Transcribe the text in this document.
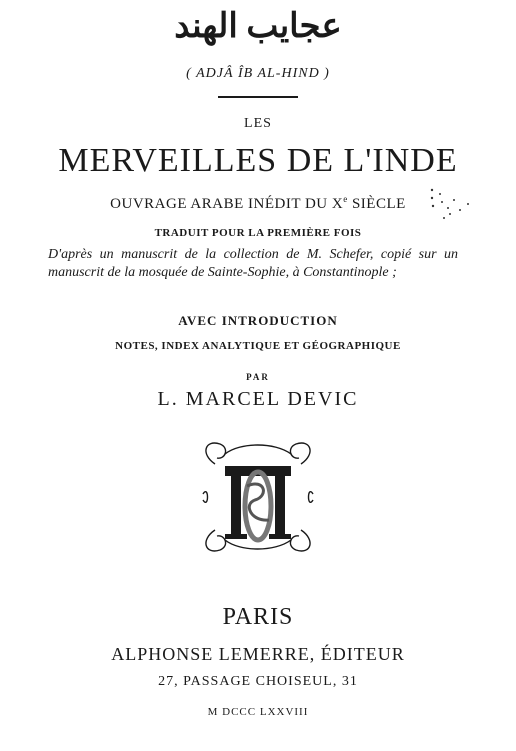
عجايب الهند
( ADJÂ ÎB AL-HIND )
LES
MERVEILLES DE L'INDE
OUVRAGE ARABE INÉDIT DU Xe SIÈCLE
TRADUIT POUR LA PREMIÈRE FOIS
D'après un manuscrit de la collection de M. Schefer, copié sur un manuscrit de la mosquée de Sainte-Sophie, à Constantinople ;
AVEC INTRODUCTION
NOTES, INDEX ANALYTIQUE ET GÉOGRAPHIQUE
PAR
L. MARCEL DEVIC
PARIS
ALPHONSE LEMERRE, ÉDITEUR
27, PASSAGE CHOISEUL, 31
M DCCC LXXVIII
